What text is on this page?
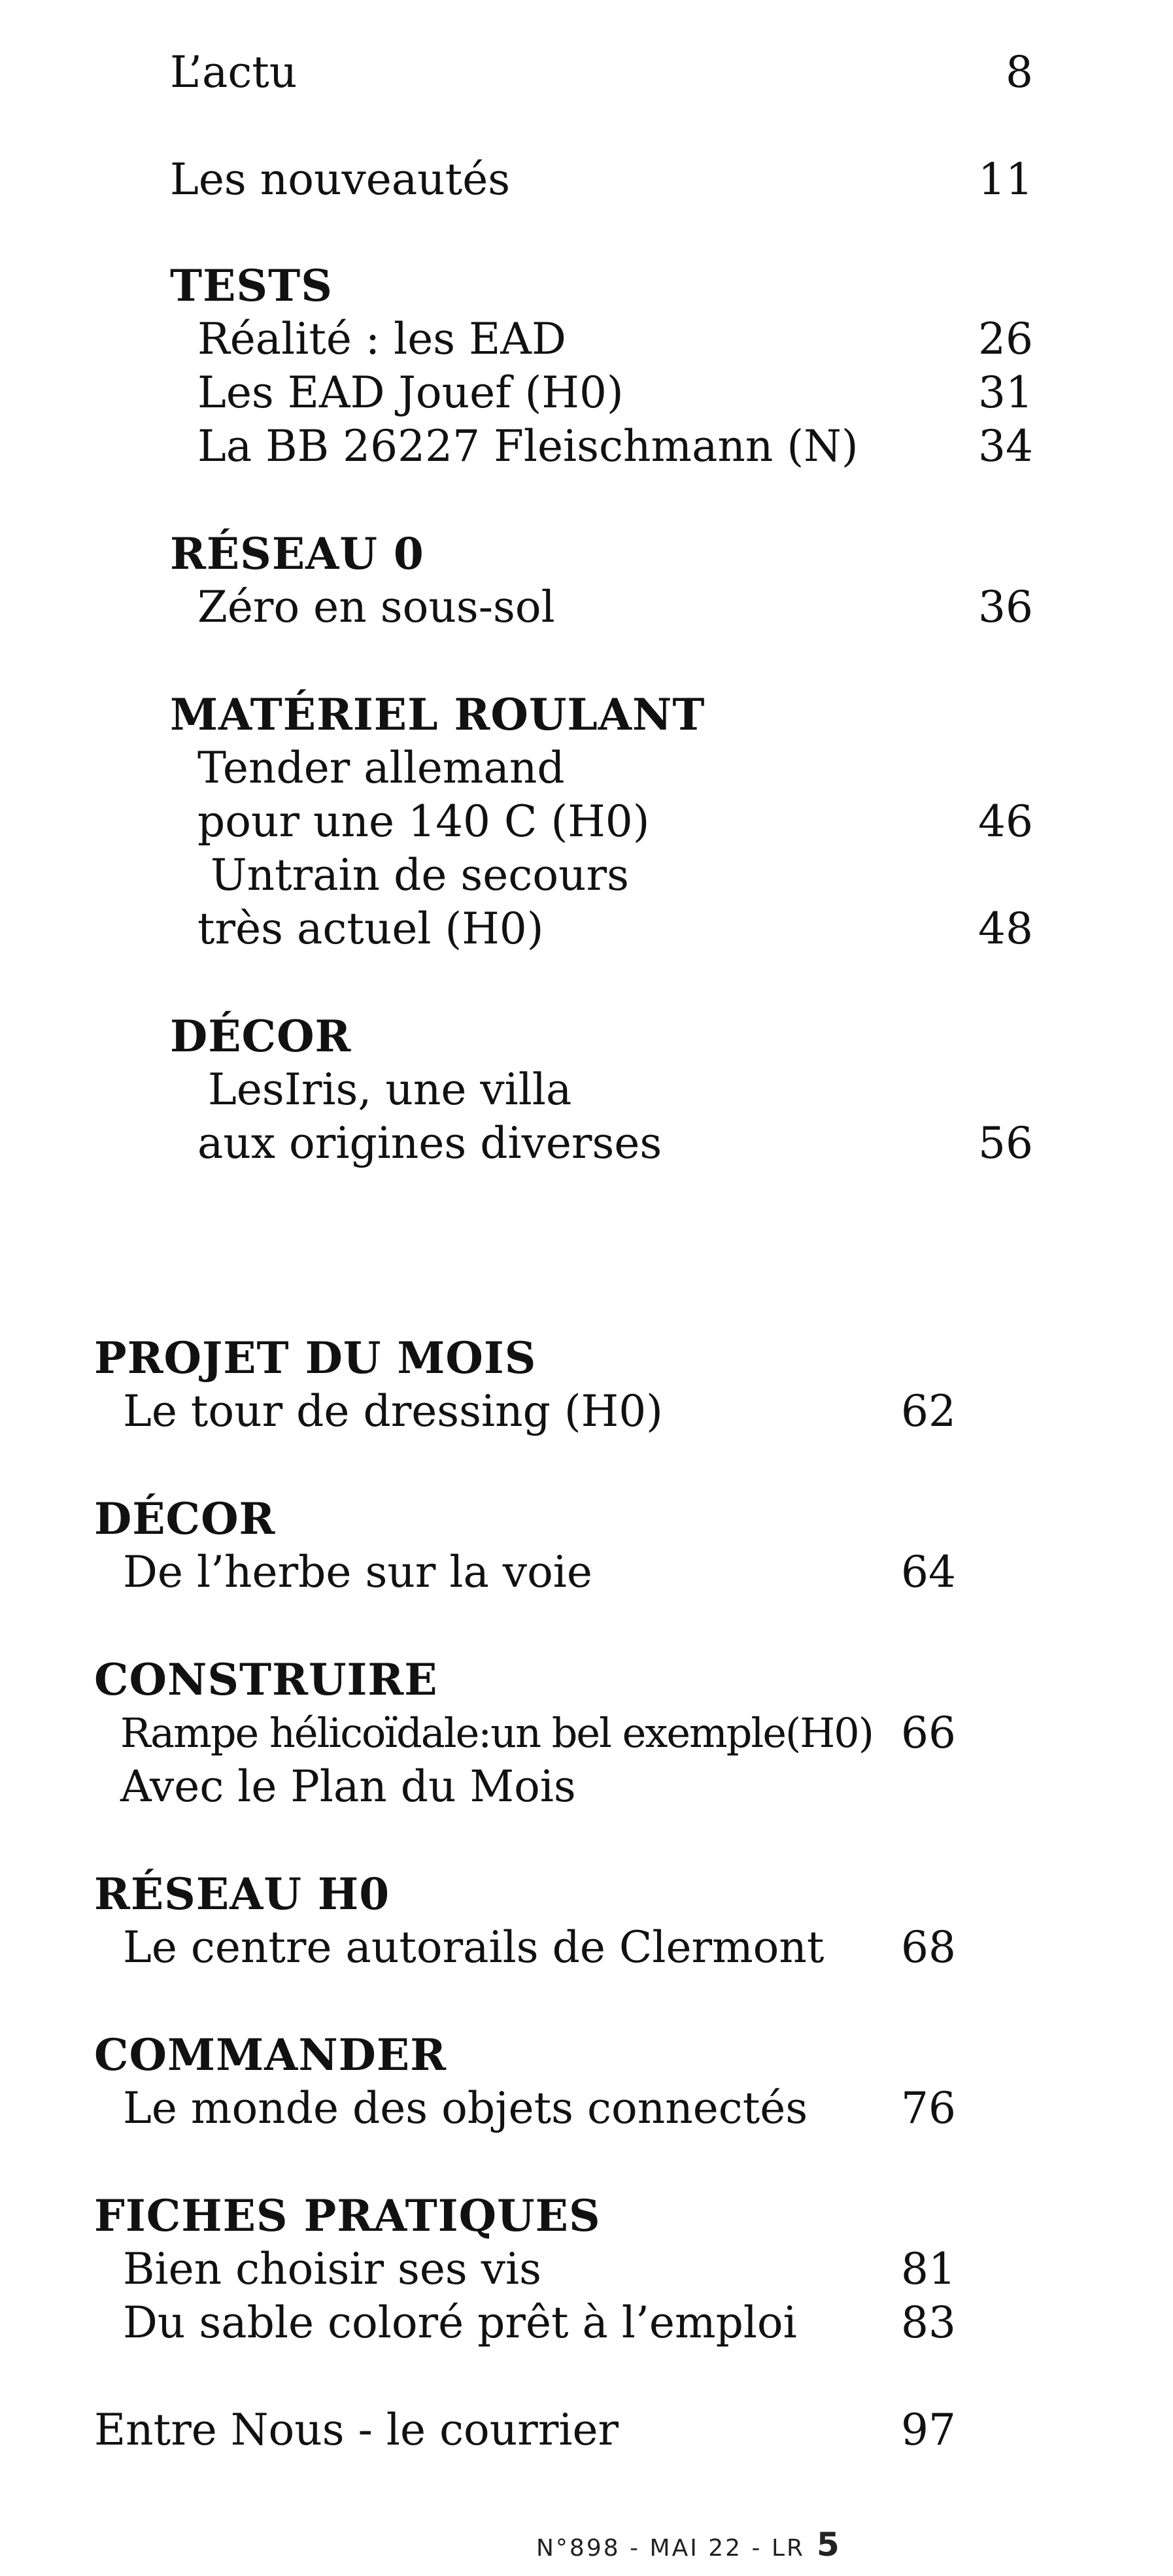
L’actu	8

Les nouveautés	11

TESTS

Réalité : les EAD	26

Les EAD Jouef (H0)	31

La BB 26227 Fleischmann (N)	34

RÉSEAU 0

Zéro en sous-sol	36

MATÉRIEL ROULANT

Tender allemand

pour une 140 C (H0)	46

Untrain de secours

très actuel (H0)	48

DÉCOR

LesIris, une villa

aux origines diverses	56

PROJET DU MOIS

Le tour de dressing (H0)	62

DÉCOR

De l’herbe sur la voie	64

CONSTRUIRE

Rampe hélicoïdale:un bel exemple(H0) 66

Avec le Plan du Mois

RÉSEAU H0

Le centre autorails de Clermont	68

COMMANDER

Le monde des objets connectés	76

FICHES PRATIQUES

Bien choisir ses vis	81

Du sable coloré prêt à l’emploi	83

Entre Nous - le courrier	97
N°898 - MAI 22 - LR 5
